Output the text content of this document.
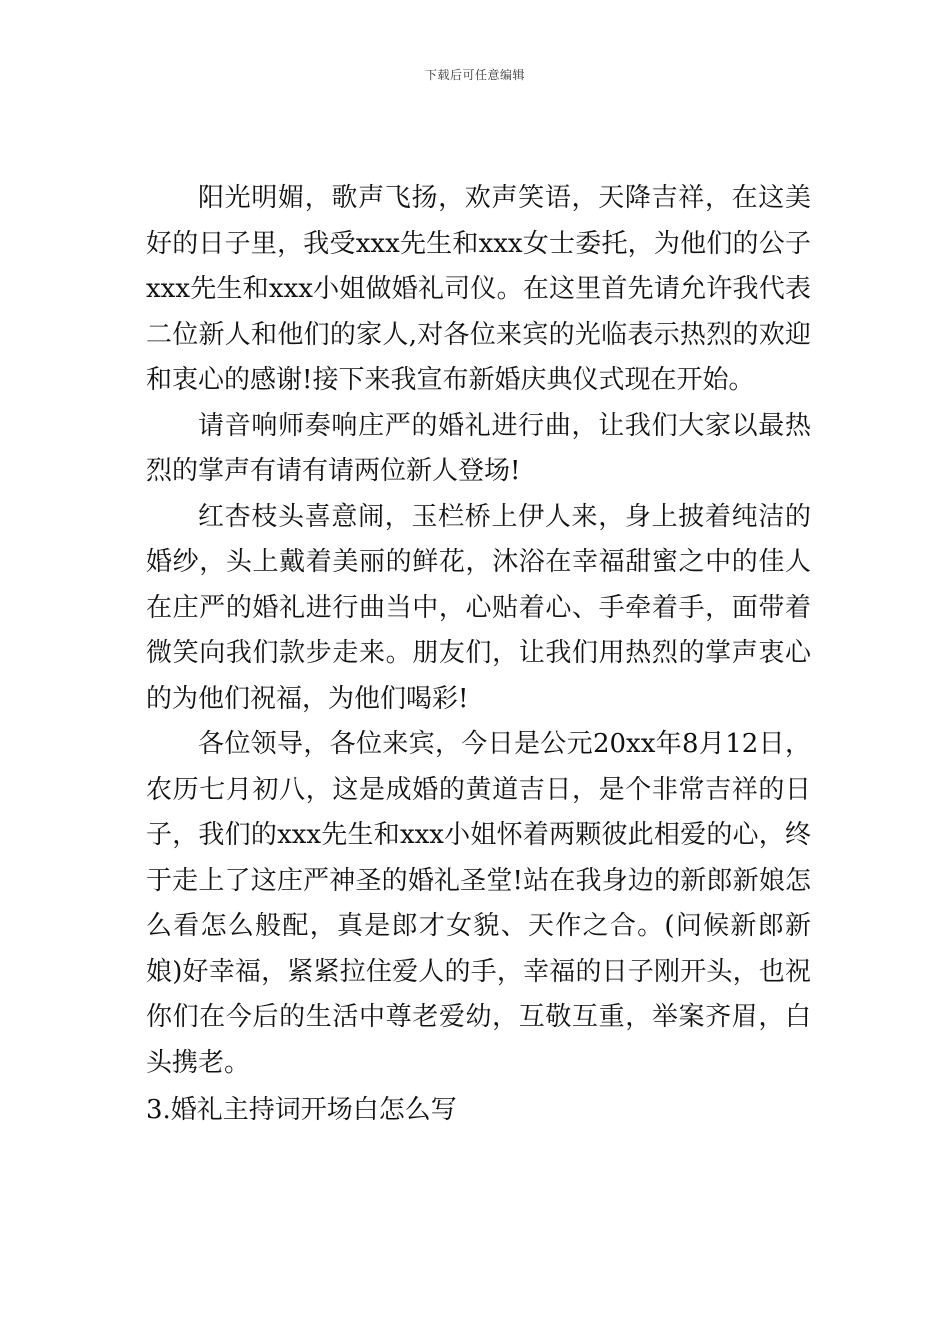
下载后可任意编辑

阳光明媚，歌声飞扬，欢声笑语，天降吉祥，在这美好的日子里，我受xxx先生和xxx女士委托，为他们的公子xxx先生和xxx小姐做婚礼司仪。在这里首先请允许我代表二位新人和他们的家人,对各位来宾的光临表示热烈的欢迎和衷心的感谢!接下来我宣布新婚庆典仪式现在开始。

请音响师奏响庄严的婚礼进行曲，让我们大家以最热烈的掌声有请有请两位新人登场!

红杏枝头喜意闹，玉栏桥上伊人来，身上披着纯洁的婚纱，头上戴着美丽的鲜花，沐浴在幸福甜蜜之中的佳人在庄严的婚礼进行曲当中，心贴着心、手牵着手，面带着微笑向我们款步走来。朋友们，让我们用热烈的掌声衷心的为他们祝福，为他们喝彩!

各位领导，各位来宾，今日是公元20xx年8月12日，农历七月初八，这是成婚的黄道吉日，是个非常吉祥的日子，我们的xxx先生和xxx小姐怀着两颗彼此相爱的心，终于走上了这庄严神圣的婚礼圣堂!站在我身边的新郎新娘怎么看怎么般配，真是郎才女貌、天作之合。(问候新郎新娘)好幸福，紧紧拉住爱人的手，幸福的日子刚开头，也祝你们在今后的生活中尊老爱幼，互敬互重，举案齐眉，白头携老。

3.婚礼主持词开场白怎么写
